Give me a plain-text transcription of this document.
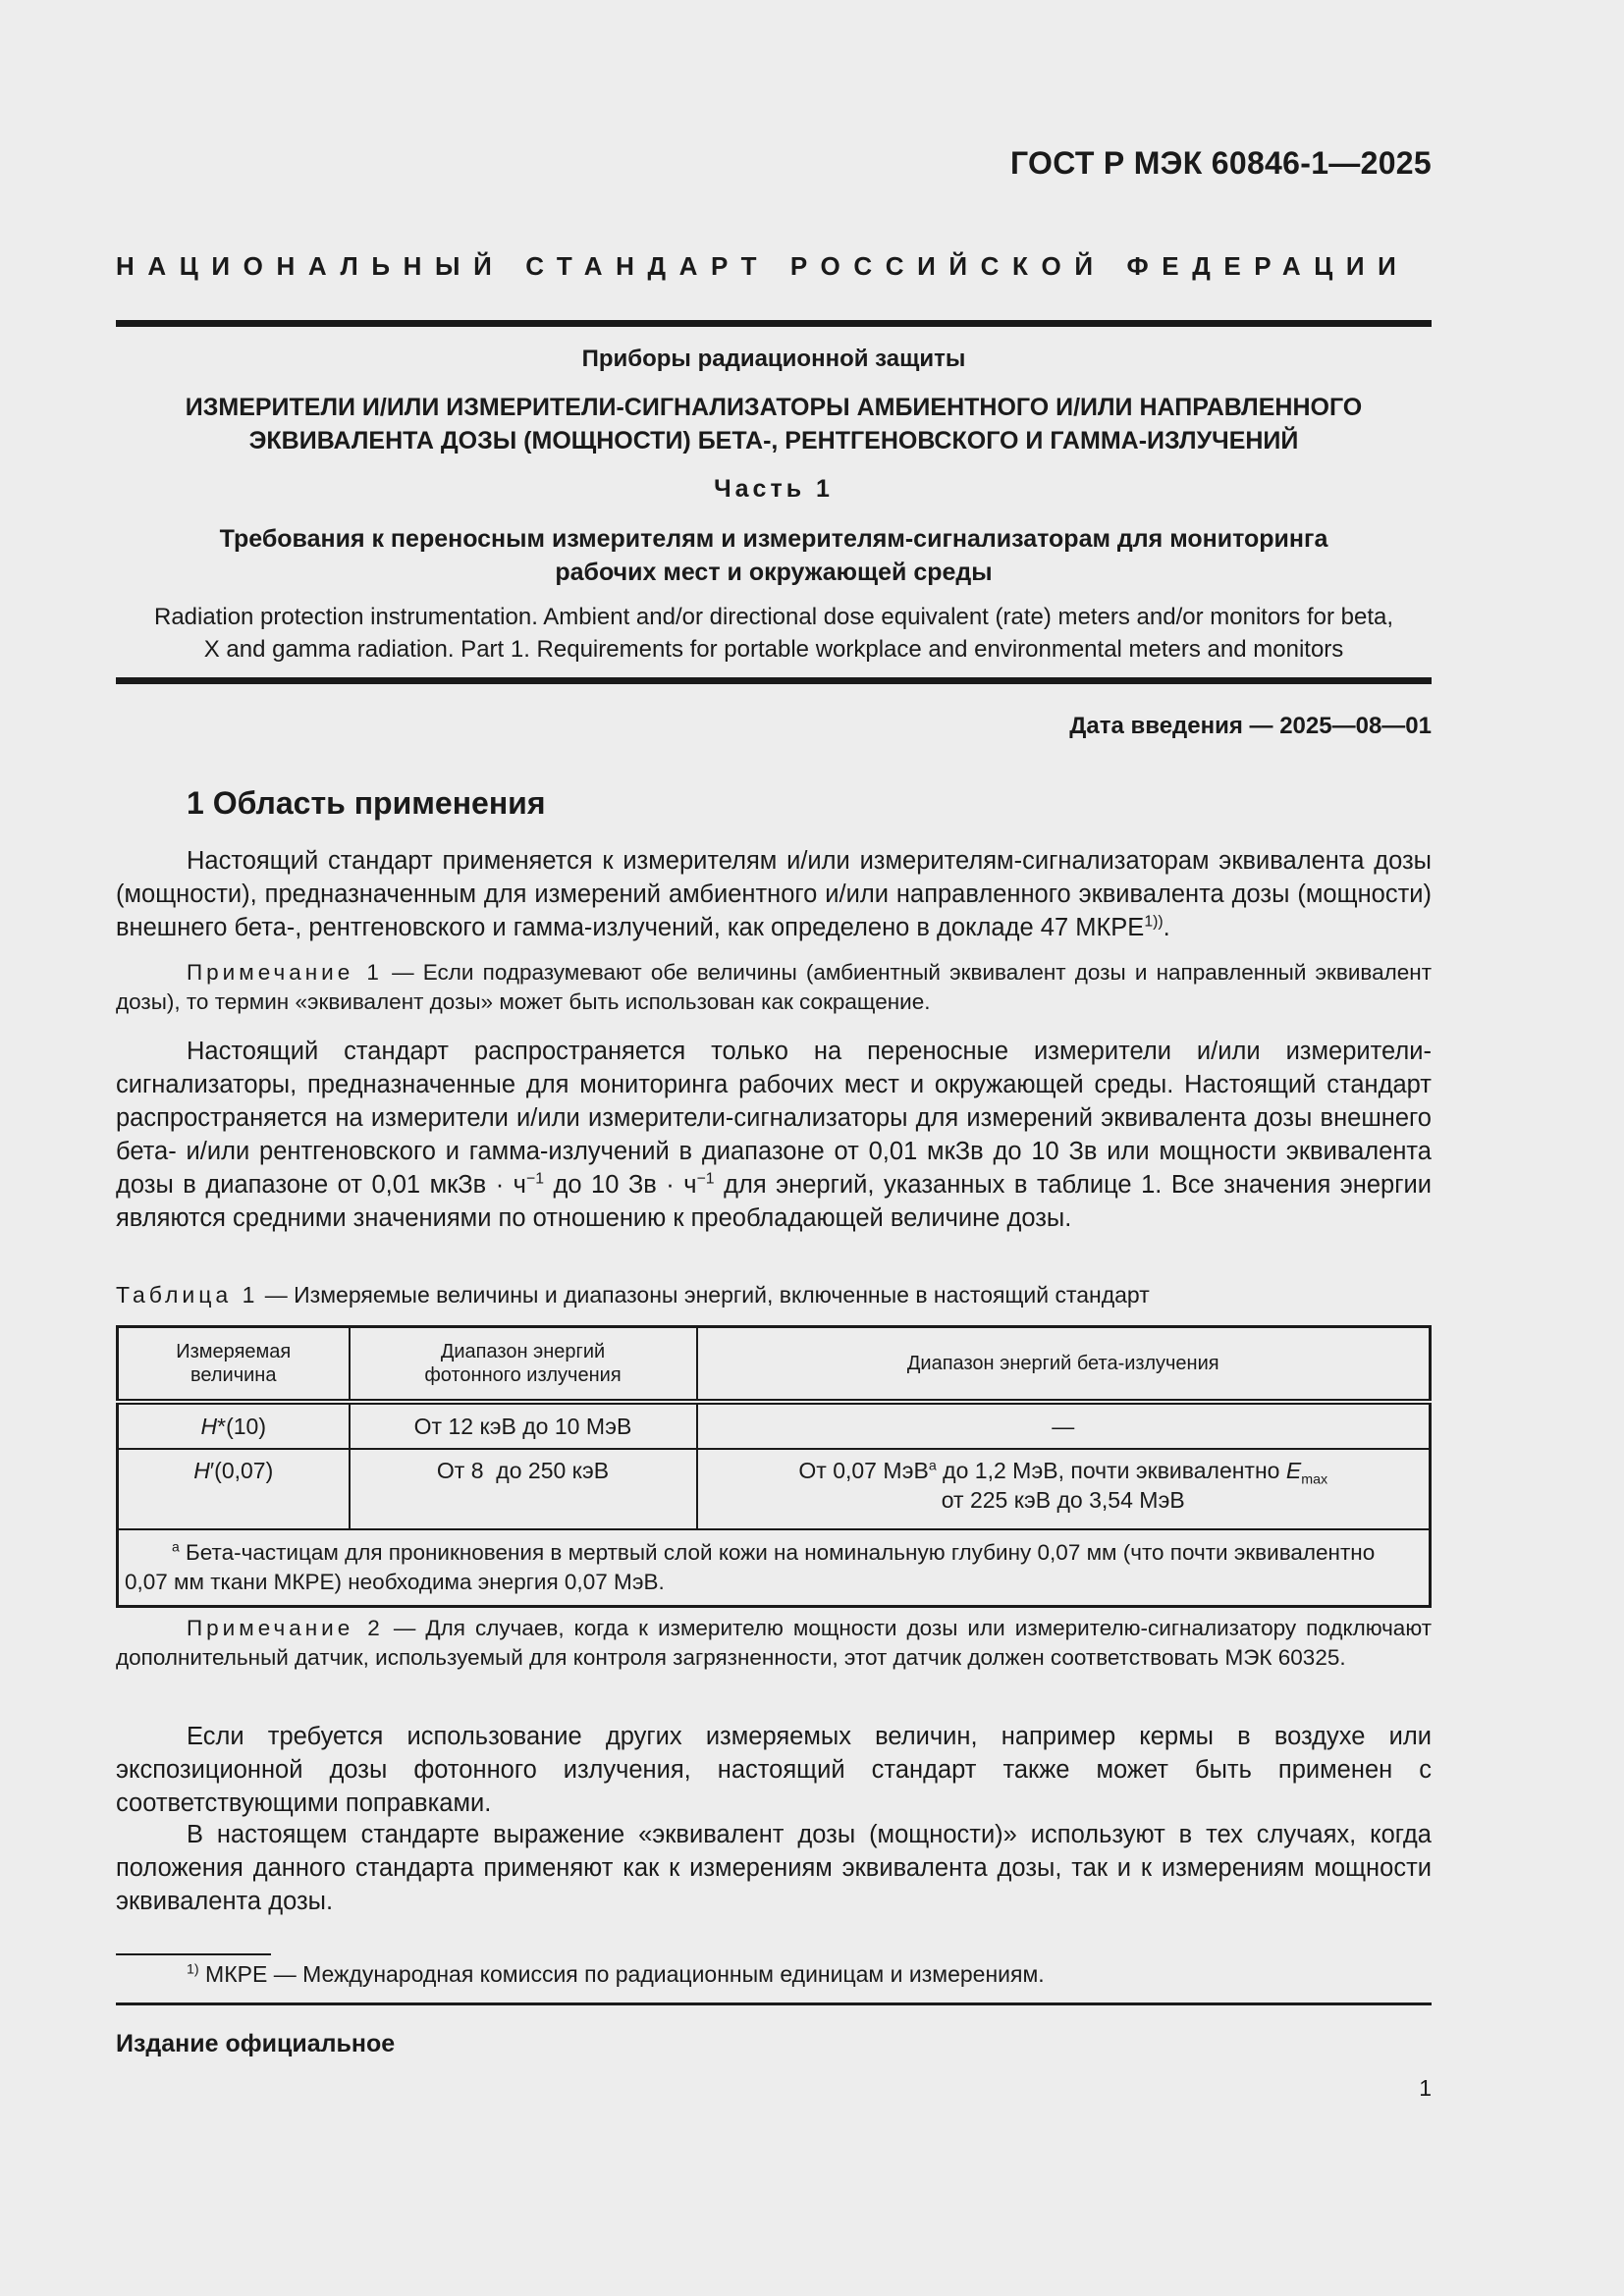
ГОСТ Р МЭК 60846-1—2025
НАЦИОНАЛЬНЫЙ СТАНДАРТ РОССИЙСКОЙ ФЕДЕРАЦИИ
Приборы радиационной защиты
ИЗМЕРИТЕЛИ И/ИЛИ ИЗМЕРИТЕЛИ-СИГНАЛИЗАТОРЫ АМБИЕНТНОГО И/ИЛИ НАПРАВЛЕННОГО
ЭКВИВАЛЕНТА ДОЗЫ (МОЩНОСТИ) БЕТА-, РЕНТГЕНОВСКОГО И ГАММА-ИЗЛУЧЕНИЙ
Часть 1
Требования к переносным измерителям и измерителям-сигнализаторам для мониторинга
рабочих мест и окружающей среды
Radiation protection instrumentation. Ambient and/or directional dose equivalent (rate) meters and/or monitors for beta,
X and gamma radiation. Part 1. Requirements for portable workplace and environmental meters and monitors
Дата введения — 2025—08—01
1 Область применения
Настоящий стандарт применяется к измерителям и/или измерителям-сигнализаторам эквивалента дозы (мощности), предназначенным для измерений амбиентного и/или направленного эквивалента дозы (мощности) внешнего бета-, рентгеновского и гамма-излучений, как определено в докладе 47 $МКРЕ^{1))}$.
Примечание 1 — Если подразумевают обе величины (амбиентный эквивалент дозы и направленный эквивалент дозы), то термин «эквивалент дозы» может быть использован как сокращение.
Настоящий стандарт распространяется только на переносные измерители и/или измерители-сигнализаторы, предназначенные для мониторинга рабочих мест и окружающей среды. Настоящий стандарт распространяется на измерители и/или измерители-сигнализаторы для измерений эквивалента дозы внешнего бета- и/или рентгеновского и гамма-излучений в диапазоне от 0,01 мкЗв до 10 Зв или мощности эквивалента дозы в диапазоне от 0,01 мкЗв · $ч^{-1}$ до 10 Зв · $ч^{-1}$ для энергий, указанных в таблице 1. Все значения энергии являются средними значениями по отношению к преобладающей величине дозы.
Таблица 1 — Измеряемые величины и диапазоны энергий, включенные в настоящий стандарт
Измеряемая величина	Диапазон энергий фотонного излучения	Диапазон энергий бета-излучения
H*(10)	От 12 кэВ до 10 МэВ	—
H′(0,07)	От 8  до 250 кэВ	От 0,07 МэВ$^a$ до 1,2 МэВ, почти эквивалентно $E_{max}$
от 225 кэВ до 3,54 МэВ

$^a$ Бета-частицам для проникновения в мертвый слой кожи на номинальную глубину 0,07 мм (что почти эквивалентно 0,07 мм ткани МКРЕ) необходима энергия 0,07 МэВ.		
Примечание 2 — Для случаев, когда к измерителю мощности дозы или измерителю-сигнализатору подключают дополнительный датчик, используемый для контроля загрязненности, этот датчик должен соответствовать МЭК 60325.
Если требуется использование других измеряемых величин, например кермы в воздухе или экспозиционной дозы фотонного излучения, настоящий стандарт также может быть применен с соответствующими поправками.
В настоящем стандарте выражение «эквивалент дозы (мощности)» используют в тех случаях, когда положения данного стандарта применяют как к измерениям эквивалента дозы, так и к измерениям мощности эквивалента дозы.
$^{1)}$ МКРЕ — Международная комиссия по радиационным единицам и измерениям.
Издание официальное
1
